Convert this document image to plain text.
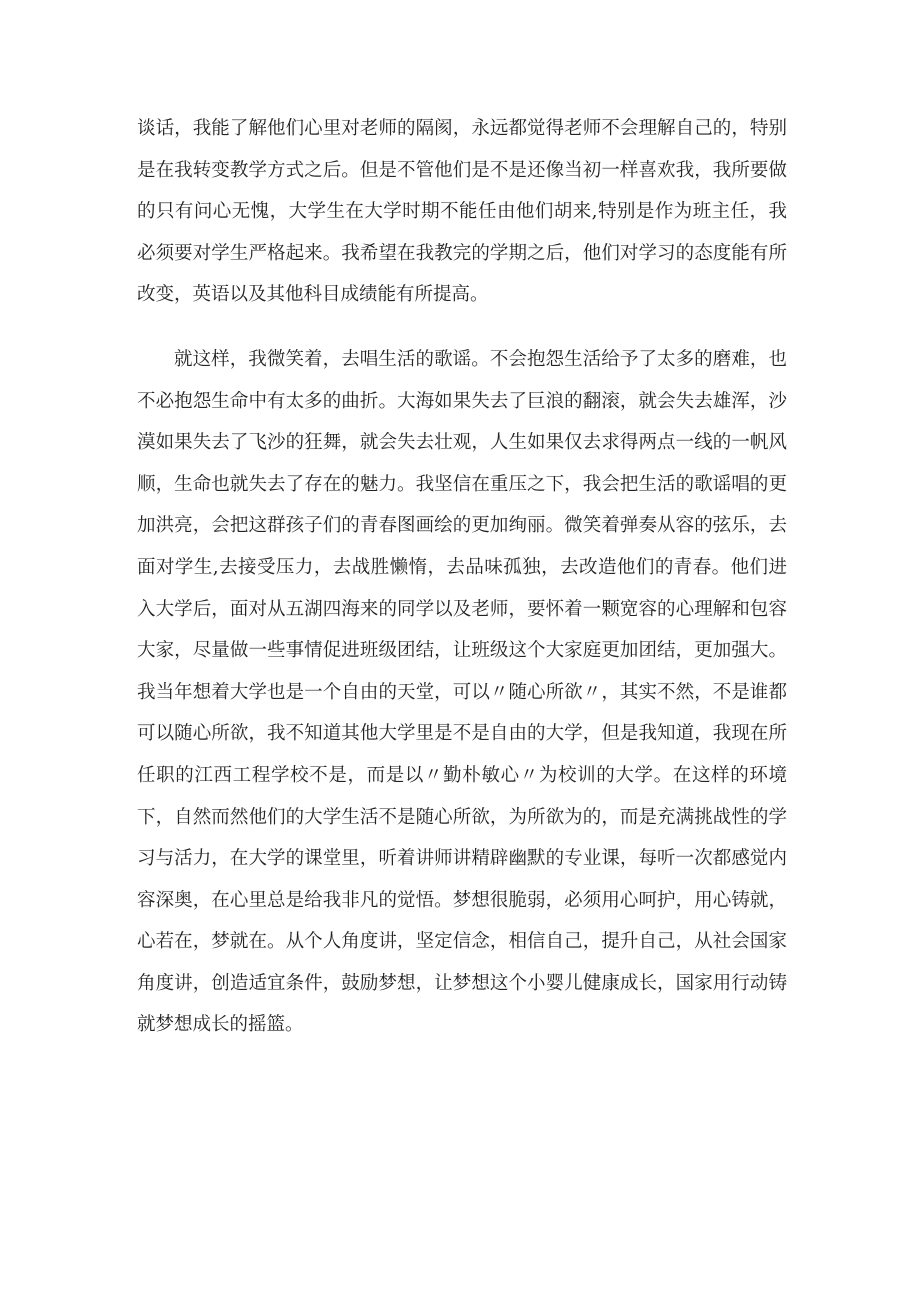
谈话，我能了解他们心里对老师的隔阂，永远都觉得老师不会理解自己的，特别是在我转变教学方式之后。但是不管他们是不是还像当初一样喜欢我，我所要做的只有问心无愧，大学生在大学时期不能任由他们胡来,特别是作为班主任，我必须要对学生严格起来。我希望在我教完的学期之后，他们对学习的态度能有所改变，英语以及其他科目成绩能有所提高。

就这样，我微笑着，去唱生活的歌谣。不会抱怨生活给予了太多的磨难，也不必抱怨生命中有太多的曲折。大海如果失去了巨浪的翻滚，就会失去雄浑，沙漠如果失去了飞沙的狂舞，就会失去壮观，人生如果仅去求得两点一线的一帆风顺，生命也就失去了存在的魅力。我坚信在重压之下，我会把生活的歌谣唱的更加洪亮，会把这群孩子们的青春图画绘的更加绚丽。微笑着弹奏从容的弦乐，去面对学生,去接受压力，去战胜懒惰，去品味孤独，去改造他们的青春。他们进入大学后，面对从五湖四海来的同学以及老师，要怀着一颗宽容的心理解和包容大家，尽量做一些事情促进班级团结，让班级这个大家庭更加团结，更加强大。我当年想着大学也是一个自由的天堂，可以〃随心所欲〃，其实不然，不是谁都可以随心所欲，我不知道其他大学里是不是自由的大学，但是我知道，我现在所任职的江西工程学校不是，而是以〃勤朴敏心〃为校训的大学。在这样的环境下，自然而然他们的大学生活不是随心所欲，为所欲为的，而是充满挑战性的学习与活力，在大学的课堂里，听着讲师讲精辟幽默的专业课，每听一次都感觉内容深奥，在心里总是给我非凡的觉悟。梦想很脆弱，必须用心呵护，用心铸就，心若在，梦就在。从个人角度讲，坚定信念，相信自己，提升自己，从社会国家角度讲，创造适宜条件，鼓励梦想，让梦想这个小婴儿健康成长，国家用行动铸就梦想成长的摇篮。
